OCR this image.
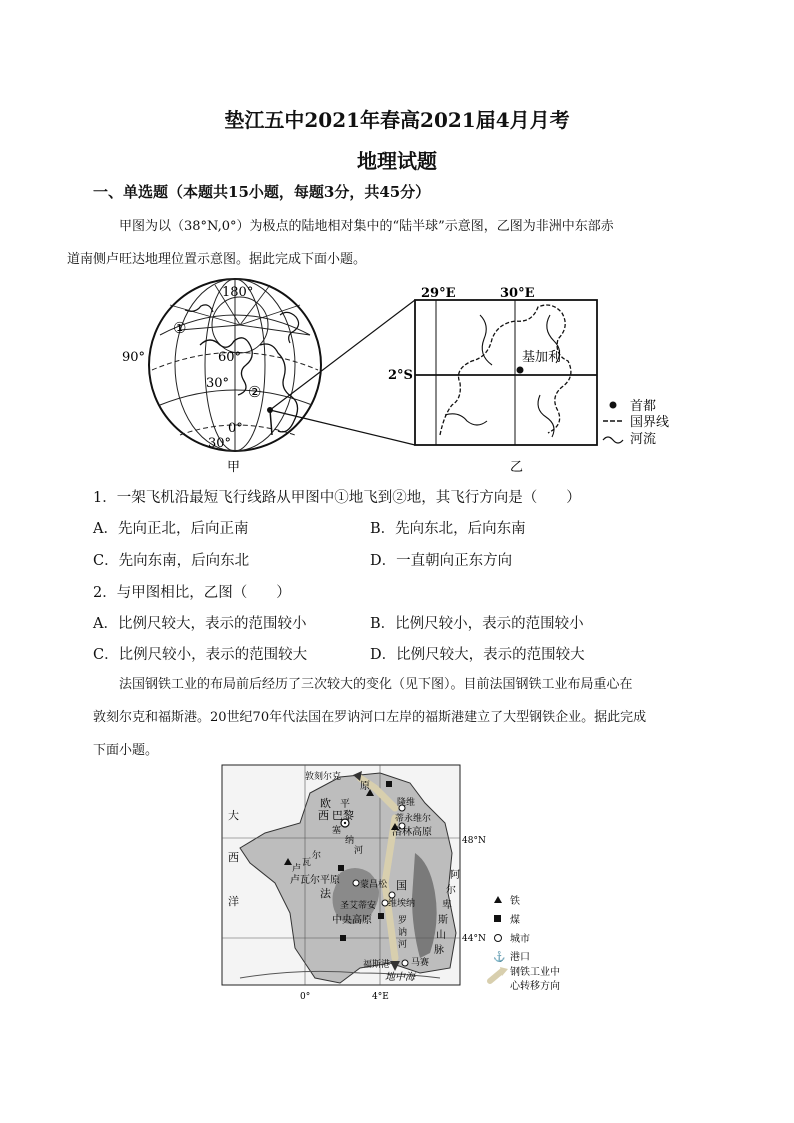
垫江五中2021年春高2021届4月月考
地理试题
一、单选题（本题共15小题，每题3分，共45分）
甲图为以（38°N,0°）为极点的陆地相对集中的“陆半球”示意图，乙图为非洲中东部赤
道南侧卢旺达地理位置示意图。据此完成下面小题。
180°
①
90°	60°
30° ②
0°
30°
甲
29°E	30°E
2°S
基加利
乙
首都
国界线
河流
1．一架飞机沿最短飞行线路从甲图中①地飞到②地，其飞行方向是（　　）
A．先向正北，后向正南	B．先向东北，后向东南
C．先向东南，后向东北	D．一直朝向正东方向
2．与甲图相比，乙图（　　）
A．比例尺较大，表示的范围较小	B．比例尺较小，表示的范围较小
C．比例尺较小，表示的范围较大	D．比例尺较大，表示的范围较大
法国钢铁工业的布局前后经历了三次较大的变化（见下图）。目前法国钢铁工业布局重心在
敦刻尔克和福斯港。20世纪70年代法国在罗讷河口左岸的福斯港建立了大型钢铁企业。据此完成
下面小题。
敦刻尔克
原
平
欧
西 巴黎
塞
纳
河
隆维
蒂永维尔
洛林高原
48°N
大
西
洋
卢
瓦
尔
卢瓦尔平原
法
国
蒙吕松
圣艾蒂安 维埃纳
中央高原	罗
讷
河
阿
尔
卑
斯
山
脉
44°N
福斯港 马赛
地中海
0°	4°E
铁
煤
城市
⚓ 港口
钢铁工业中
心转移方向
